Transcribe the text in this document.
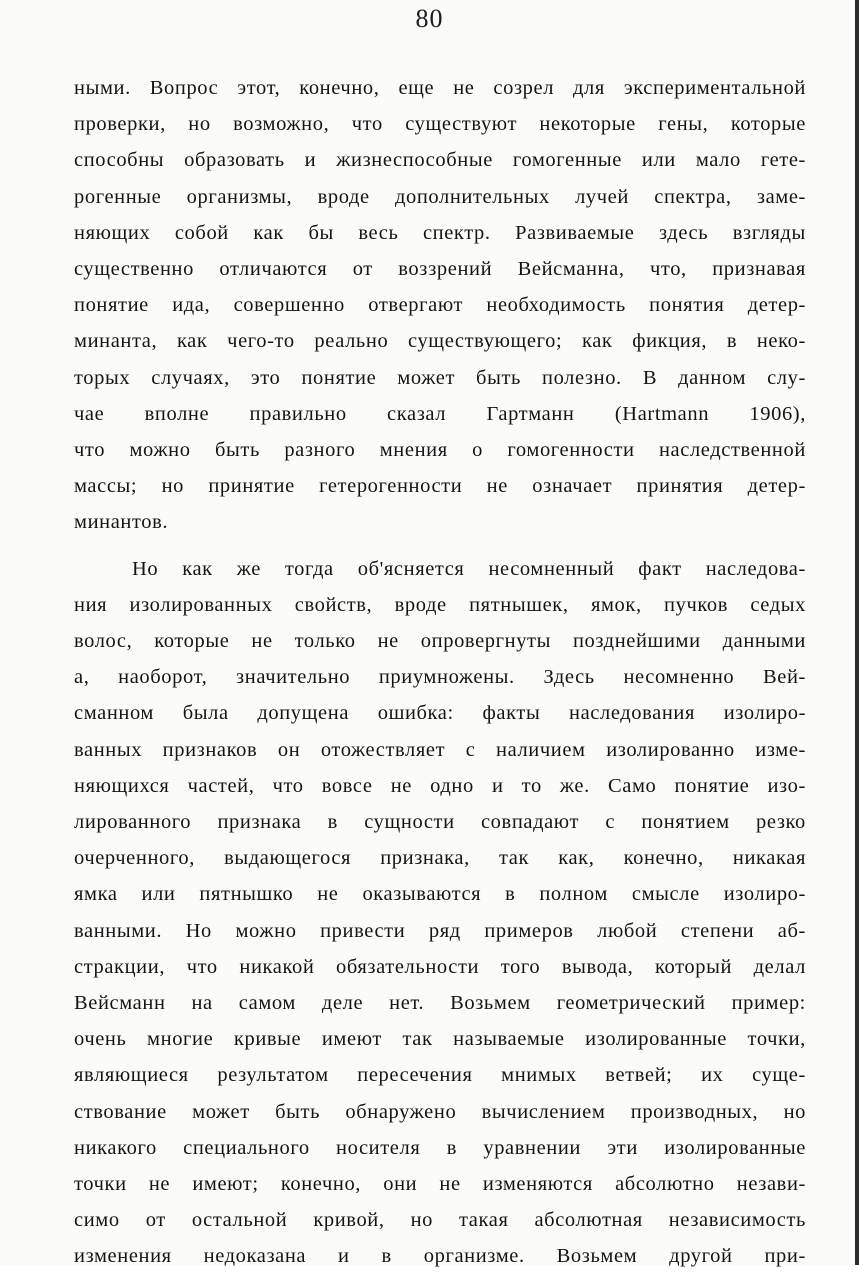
80
ными. Вопрос этот, конечно, еще не созрел для экспериментальной
проверки, но возможно, что существуют некоторые гены, которые
способны образовать и жизнеспособные гомогенные или мало гете-
рогенные организмы, вроде дополнительных лучей спектра, заме-
няющих собой как бы весь спектр. Развиваемые здесь взгляды
существенно отличаются от воззрений Вейсманна, что, признавая
понятие ида, совершенно отвергают необходимость понятия детер-
минанта, как чего-то реально существующего; как фикция, в неко-
торых случаях, это понятие может быть полезно. В данном слу-
чае вполне правильно сказал Гартманн (Hartmann 1906),
что можно быть разного мнения о гомогенности наследственной
массы; но принятие гетерогенности не означает принятия детер-
минантов.
Но как же тогда об'ясняется несомненный факт наследова-
ния изолированных свойств, вроде пятнышек, ямок, пучков седых
волос, которые не только не опровергнуты позднейшими данными
а, наоборот, значительно приумножены. Здесь несомненно Вей-
сманном была допущена ошибка: факты наследования изолиро-
ванных признаков он отожествляет с наличием изолированно изме-
няющихся частей, что вовсе не одно и то же. Само понятие изо-
лированного признака в сущности совпадают с понятием резко
очерченного, выдающегося признака, так как, конечно, никакая
ямка или пятнышко не оказываются в полном смысле изолиро-
ванными. Но можно привести ряд примеров любой степени аб-
стракции, что никакой обязательности того вывода, который делал
Вейсманн на самом деле нет. Возьмем геометрический пример:
очень многие кривые имеют так называемые изолированные точки,
являющиеся результатом пересечения мнимых ветвей; их суще-
ствование может быть обнаружено вычислением производных, но
никакого специального носителя в уравнении эти изолированные
точки не имеют; конечно, они не изменяются абсолютно незави-
симо от остальной кривой, но такая абсолютная независимость
изменения недоказана и в организме. Возьмем другой при-
